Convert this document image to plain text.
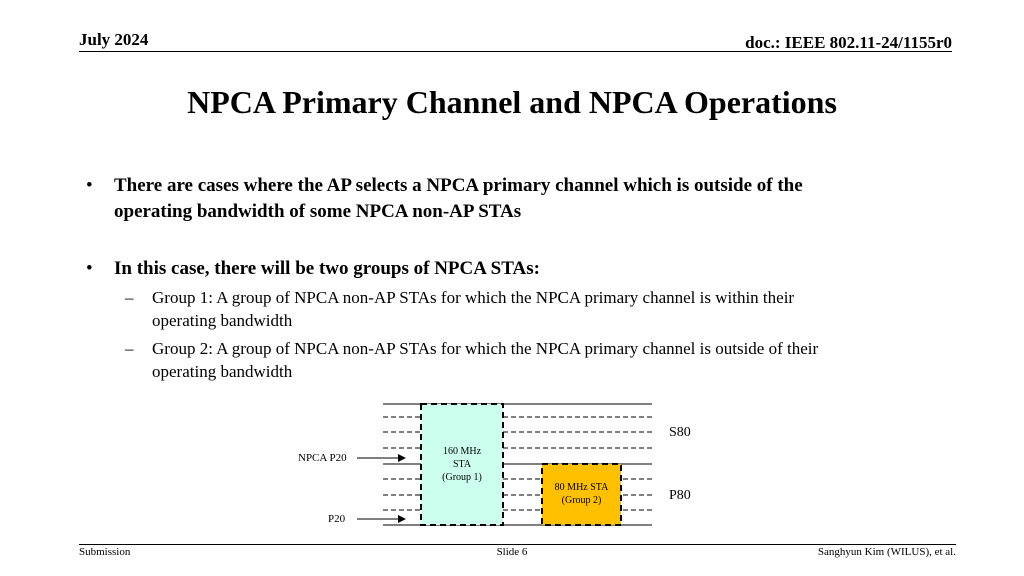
July 2024	doc.: IEEE 802.11-24/1155r0
NPCA Primary Channel and NPCA Operations
• There are cases where the AP selects a NPCA primary channel which is outside of the
operating bandwidth of some NPCA non-AP STAs
• In this case, there will be two groups of NPCA STAs:
– Group 1: A group of NPCA non-AP STAs for which the NPCA primary channel is within their
operating bandwidth
– Group 2: A group of NPCA non-AP STAs for which the NPCA primary channel is outside of their
operating bandwidth
NPCA P20
P20
S80
P80
160 MHz
STA
(Group 1)
80 MHz STA
(Group 2)
Submission	Slide 6	Sanghyun Kim (WILUS), et al.
